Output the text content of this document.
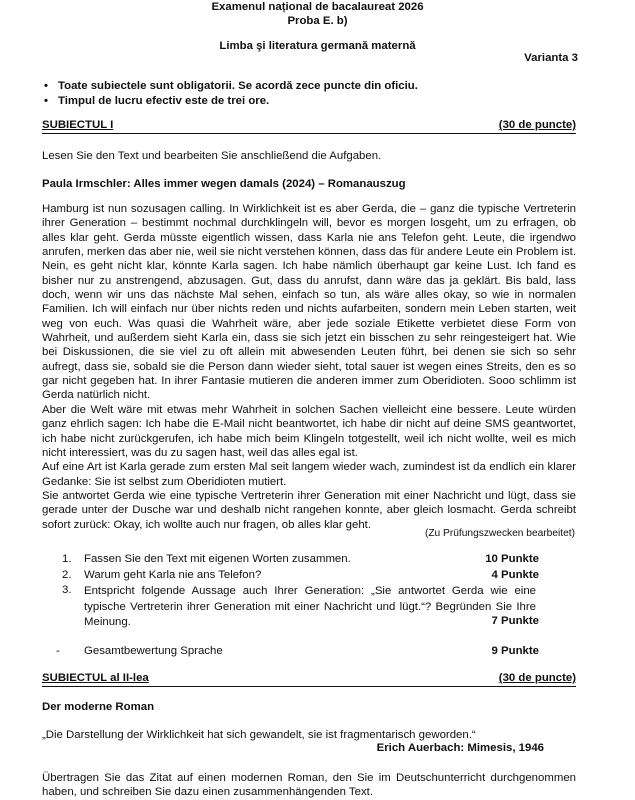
Examenul național de bacalaureat 2026
Proba E. b)
Limba şi literatura germană maternă
Varianta 3
• Toate subiectele sunt obligatorii. Se acordă zece puncte din oficiu.
• Timpul de lucru efectiv este de trei ore.
SUBIECTUL I	(30 de puncte)
Lesen Sie den Text und bearbeiten Sie anschließend die Aufgaben.
Paula Irmschler: Alles immer wegen damals (2024) – Romanauszug

Hamburg ist nun sozusagen calling. In Wirklichkeit ist es aber Gerda, die – ganz die typische Vertreterin ihrer Generation – bestimmt nochmal durchklingeln will, bevor es morgen losgeht, um zu erfragen, ob alles klar geht. Gerda müsste eigentlich wissen, dass Karla nie ans Telefon geht. Leute, die irgendwo anrufen, merken das aber nie, weil sie nicht verstehen können, dass das für andere Leute ein Problem ist. Nein, es geht nicht klar, könnte Karla sagen. Ich habe nämlich überhaupt gar keine Lust. Ich fand es bisher nur zu anstrengend, abzusagen. Gut, dass du anrufst, dann wäre das ja geklärt. Bis bald, lass doch, wenn wir uns das nächste Mal sehen, einfach so tun, als wäre alles okay, so wie in normalen Familien. Ich will einfach nur über nichts reden und nichts aufarbeiten, sondern mein Leben starten, weit weg von euch. Was quasi die Wahrheit wäre, aber jede soziale Etikette verbietet diese Form von Wahrheit, und außerdem sieht Karla ein, dass sie sich jetzt ein bisschen zu sehr reingesteigert hat. Wie bei Diskussionen, die sie viel zu oft allein mit abwesenden Leuten führt, bei denen sie sich so sehr aufregt, dass sie, sobald sie die Person dann wieder sieht, total sauer ist wegen eines Streits, den es so gar nicht gegeben hat. In ihrer Fantasie mutieren die anderen immer zum Oberidioten. Sooo schlimm ist Gerda natürlich nicht.

Aber die Welt wäre mit etwas mehr Wahrheit in solchen Sachen vielleicht eine bessere. Leute würden ganz ehrlich sagen: Ich habe die E-Mail nicht beantwortet, ich habe dir nicht auf deine SMS geantwortet, ich habe nicht zurückgerufen, ich habe mich beim Klingeln totgestellt, weil ich nicht wollte, weil es mich nicht interessiert, was du zu sagen hast, weil das alles egal ist.

Auf eine Art ist Karla gerade zum ersten Mal seit langem wieder wach, zumindest ist da endlich ein klarer Gedanke: Sie ist selbst zum Oberidioten mutiert.

Sie antwortet Gerda wie eine typische Vertreterin ihrer Generation mit einer Nachricht und lügt, dass sie gerade unter der Dusche war und deshalb nicht rangehen konnte, aber gleich losmacht. Gerda schreibt sofort zurück: Okay, ich wollte auch nur fragen, ob alles klar geht.

(Zu Prüfungszwecken bearbeitet)
1.	Fassen Sie den Text mit eigenen Worten zusammen.	10 Punkte
2.	Warum geht Karla nie ans Telefon?	4 Punkte
3.	Entspricht folgende Aussage auch Ihrer Generation: „Sie antwortet Gerda wie eine typische Vertreterin ihrer Generation mit einer Nachricht und lügt.“? Begründen Sie Ihre Meinung.	7 Punkte
- Gesamtbewertung Sprache	9 Punkte
SUBIECTUL al II-lea	(30 de puncte)
Der moderne Roman
„Die Darstellung der Wirklichkeit hat sich gewandelt, sie ist fragmentarisch geworden.“
Erich Auerbach: Mimesis, 1946
Übertragen Sie das Zitat auf einen modernen Roman, den Sie im Deutschunterricht durchgenommen haben, und schreiben Sie dazu einen zusammenhängenden Text.
